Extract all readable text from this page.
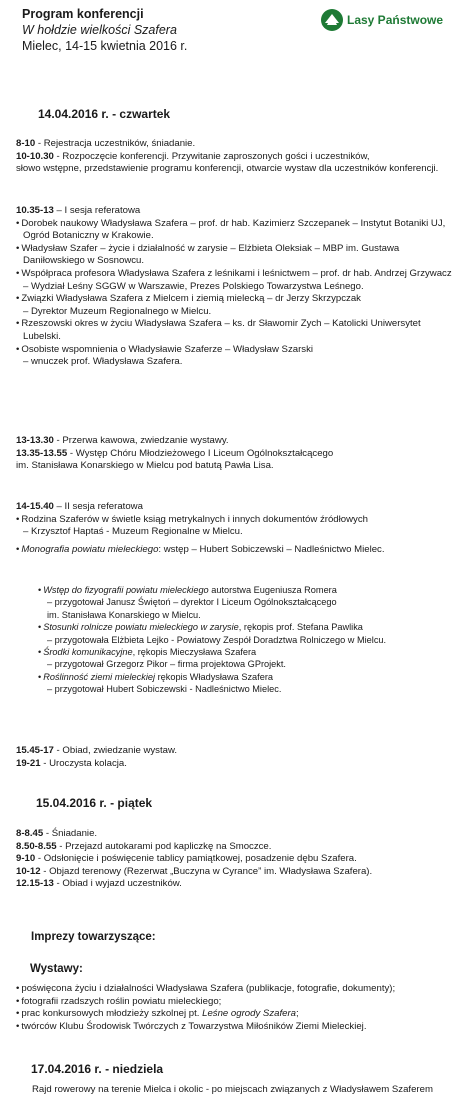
Program konferencji
W hołdzie wielkości Szafera
Mielec, 14-15 kwietnia 2016 r.
Lasy Państwowe
14.04.2016 r. - czwartek
8-10 - Rejestracja uczestników, śniadanie.
10-10.30 - Rozpoczęcie konferencji. Przywitanie zaproszonych gości i uczestników,
słowo wstępne, przedstawienie programu konferencji, otwarcie wystaw dla uczestników konferencji.
10.35-13 – I sesja referatowa
• Dorobek naukowy Władysława Szafera – prof. dr hab. Kazimierz Szczepanek – Instytut Botaniki UJ,
Ogród Botaniczny w Krakowie.
• Władysław Szafer – życie i działalność w zarysie – Elżbieta Oleksiak – MBP im. Gustawa
Daniłowskiego w Sosnowcu.
• Współpraca profesora Władysława Szafera z leśnikami i leśnictwem – prof. dr hab. Andrzej Grzywacz
– Wydział Leśny SGGW w Warszawie, Prezes Polskiego Towarzystwa Leśnego.
• Związki Władysława Szafera z Mielcem i ziemią mielecką – dr Jerzy Skrzypczak
– Dyrektor Muzeum Regionalnego w Mielcu.
• Rzeszowski okres w życiu Władysława Szafera – ks. dr Sławomir Zych – Katolicki Uniwersytet
Lubelski.
• Osobiste wspomnienia o Władysławie Szaferze – Władysław Szarski
– wnuczek prof. Władysława Szafera.
13-13.30 - Przerwa kawowa, zwiedzanie wystawy.
13.35-13.55 - Występ Chóru Młodzieżowego I Liceum Ogólnokształcącego
im. Stanisława Konarskiego w Mielcu pod batutą Pawła Lisa.
14-15.40 – II sesja referatowa
• Rodzina Szaferów w świetle ksiąg metrykalnych i innych dokumentów źródłowych
– Krzysztof Haptaś - Muzeum Regionalne w Mielcu.
• Monografia powiatu mieleckiego: wstęp – Hubert Sobiczewski – Nadleśnictwo Mielec.
• Wstęp do fizyografii powiatu mieleckiego autorstwa Eugeniusza Romera
– przygotował Janusz Świętoń – dyrektor I Liceum Ogólnokształcącego
im. Stanisława Konarskiego w Mielcu.
• Stosunki rolnicze powiatu mieleckiego w zarysie, rękopis prof. Stefana Pawlika
– przygotowała Elżbieta Lejko - Powiatowy Zespół Doradztwa Rolniczego w Mielcu.
• Środki komunikacyjne, rękopis Mieczysława Szafera
– przygotował Grzegorz Pikor – firma projektowa GProjekt.
• Roślinność ziemi mieleckiej rękopis Władysława Szafera
– przygotował Hubert Sobiczewski - Nadleśnictwo Mielec.
15.45-17 - Obiad, zwiedzanie wystaw.
19-21 - Uroczysta kolacja.
15.04.2016 r. - piątek
8-8.45 - Śniadanie.
8.50-8.55 - Przejazd autokarami pod kapliczkę na Smoczce.
9-10 - Odsłonięcie i poświęcenie tablicy pamiątkowej, posadzenie dębu Szafera.
10-12 - Objazd terenowy (Rezerwat „Buczyna w Cyrance” im. Władysława Szafera).
12.15-13 - Obiad i wyjazd uczestników.
Imprezy towarzyszące:
Wystawy:
• poświęcona życiu i działalności Władysława Szafera (publikacje, fotografie, dokumenty);
• fotografii rzadszych roślin powiatu mieleckiego;
• prac konkursowych młodzieży szkolnej pt. Leśne ogrody Szafera;
• twórców Klubu Środowisk Twórczych z Towarzystwa Miłośników Ziemi Mieleckiej.
17.04.2016 r. - niedziela
Rajd rowerowy na terenie Mielca i okolic - po miejscach związanych z Władysławem Szaferem
